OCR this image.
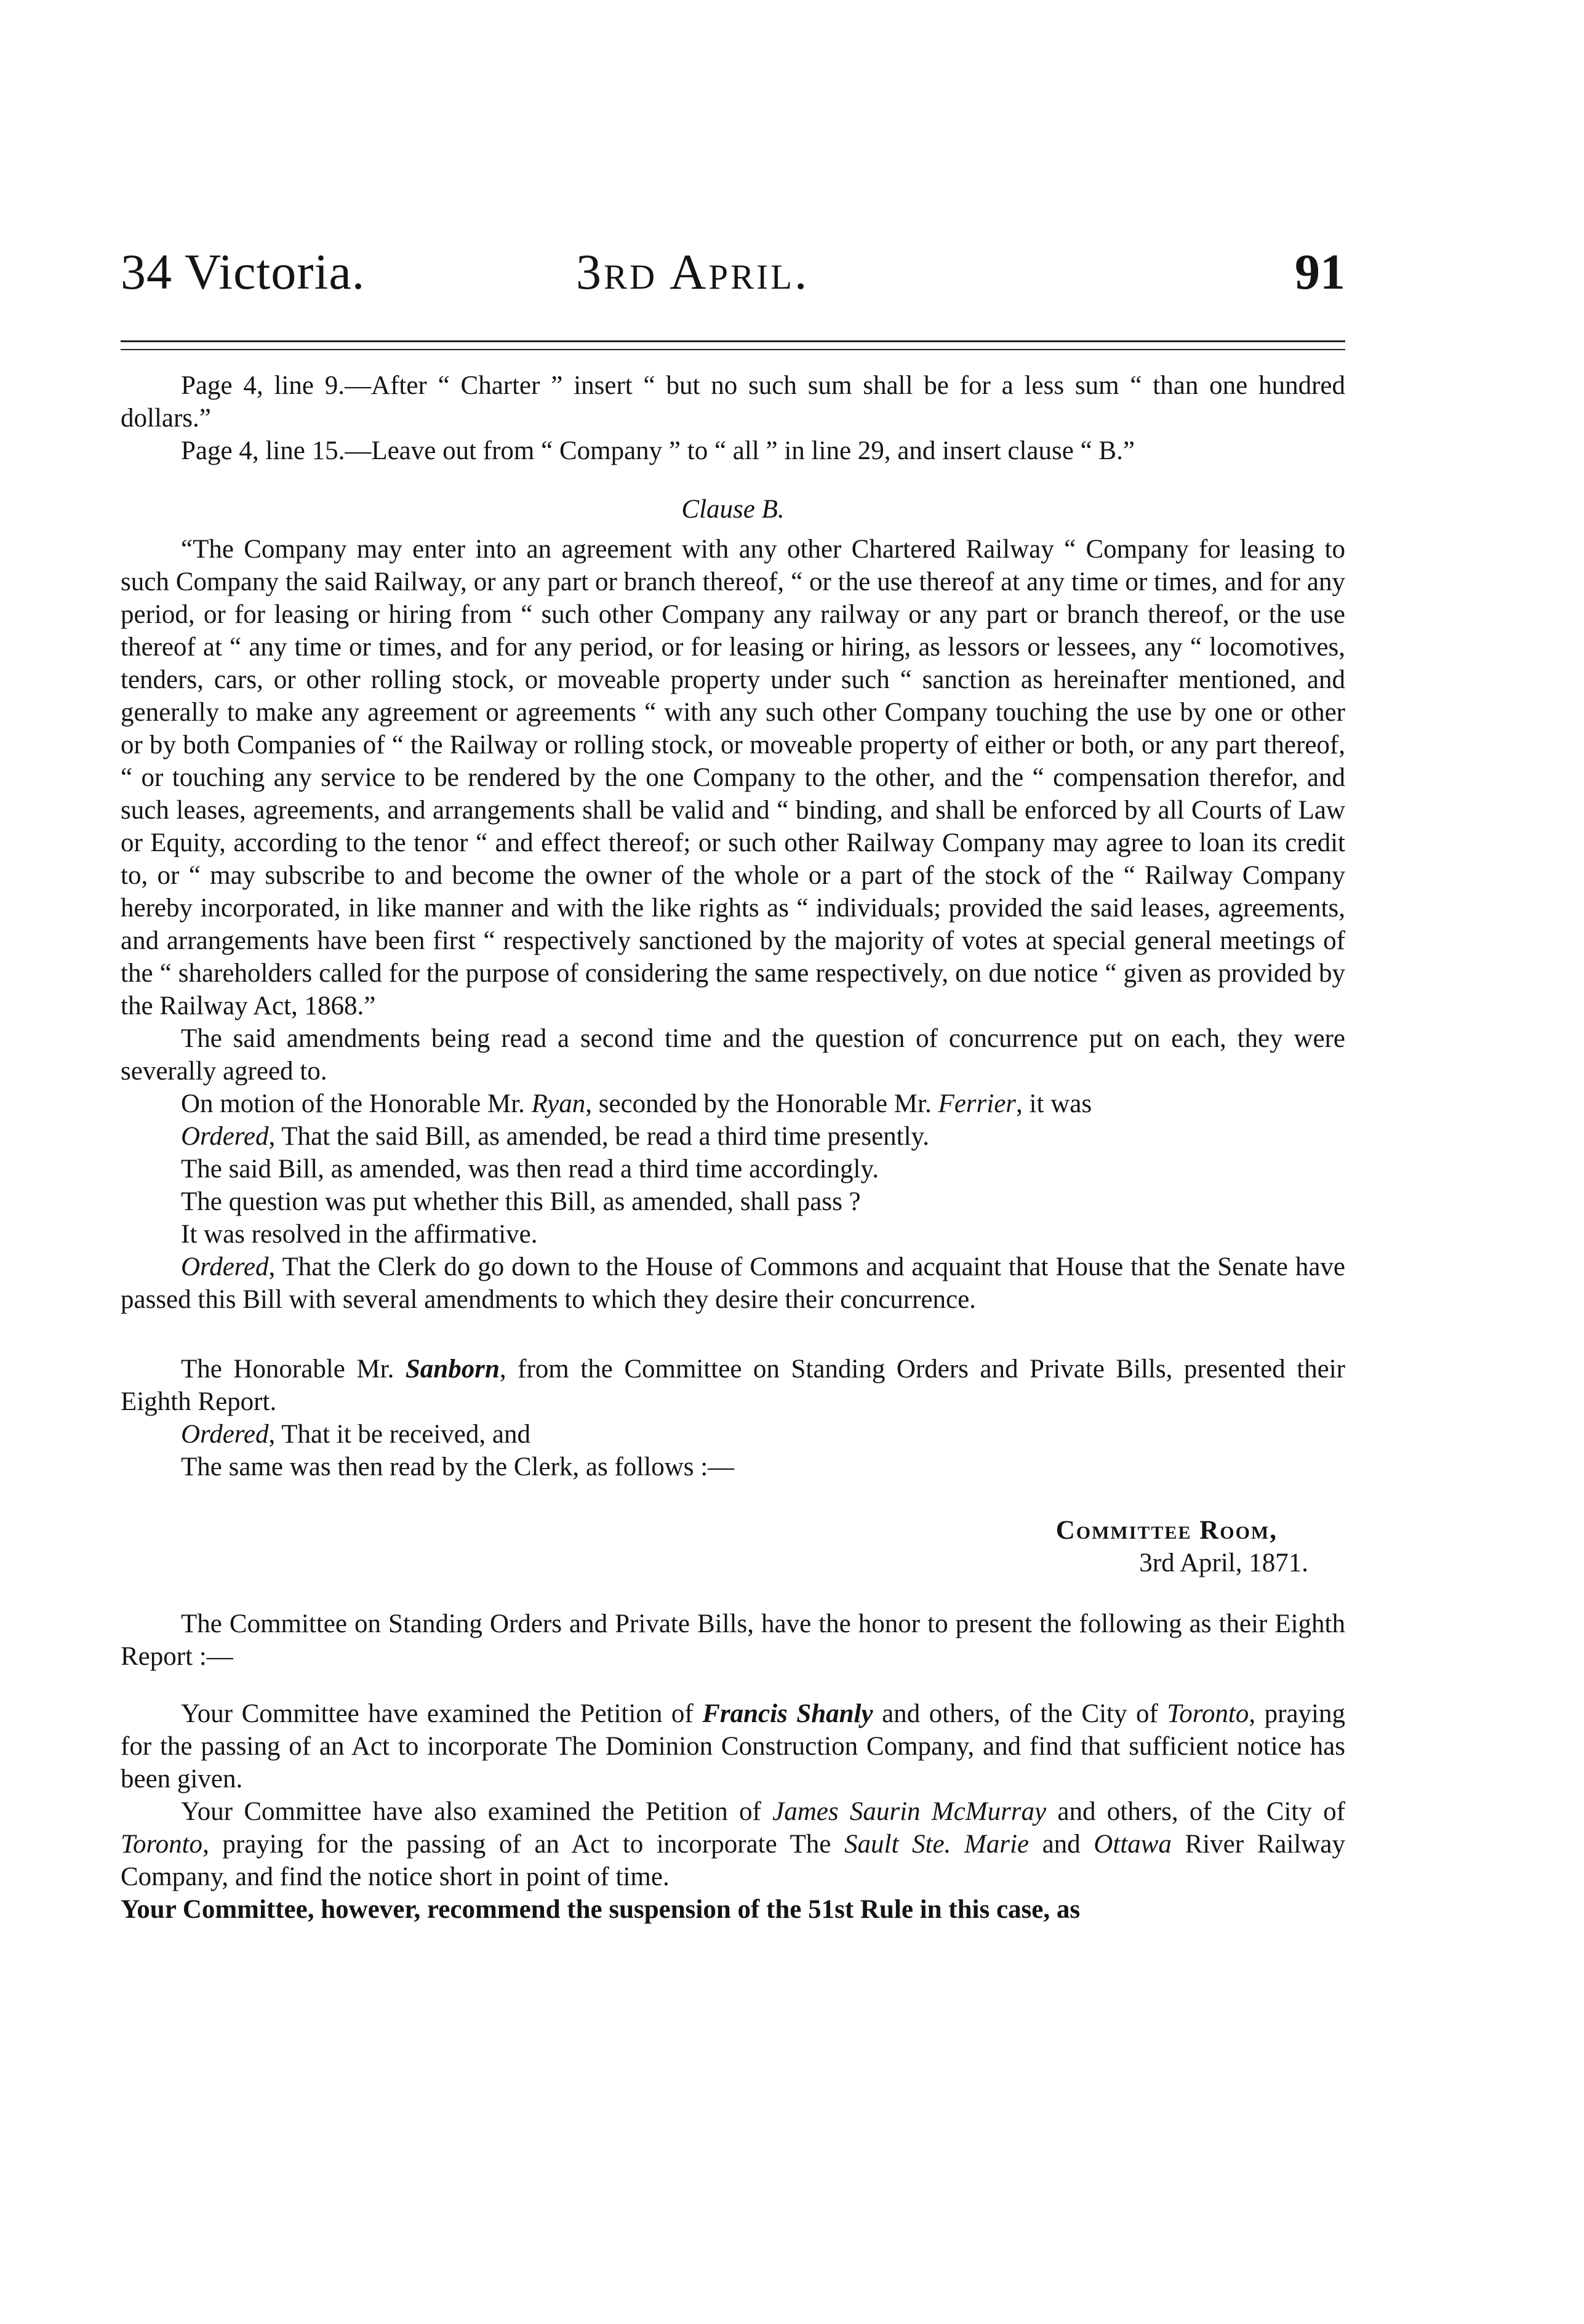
34 Victoria.	3rd April.	91

Page 4, line 9.—After “ Charter ” insert “ but no such sum shall be for a less sum “ than one hundred dollars.”

Page 4, line 15.—Leave out from “ Company ” to “ all ” in line 29, and insert clause “ B.”

Clause B.

“The Company may enter into an agreement with any other Chartered Railway “ Company for leasing to such Company the said Railway, or any part or branch thereof, “ or the use thereof at any time or times, and for any period, or for leasing or hiring from “ such other Company any railway or any part or branch thereof, or the use thereof at “ any time or times, and for any period, or for leasing or hiring, as lessors or lessees, any “ locomotives, tenders, cars, or other rolling stock, or moveable property under such “ sanction as hereinafter mentioned, and generally to make any agreement or agreements “ with any such other Company touching the use by one or other or by both Companies of “ the Railway or rolling stock, or moveable property of either or both, or any part thereof, “ or touching any service to be rendered by the one Company to the other, and the “ compensation therefor, and such leases, agreements, and arrangements shall be valid and “ binding, and shall be enforced by all Courts of Law or Equity, according to the tenor “ and effect thereof; or such other Railway Company may agree to loan its credit to, or “ may subscribe to and become the owner of the whole or a part of the stock of the “ Railway Company hereby incorporated, in like manner and with the like rights as “ individuals; provided the said leases, agreements, and arrangements have been first “ respectively sanctioned by the majority of votes at special general meetings of the “ shareholders called for the purpose of considering the same respectively, on due notice “ given as provided by the Railway Act, 1868.”

The said amendments being read a second time and the question of concurrence put on each, they were severally agreed to.

On motion of the Honorable Mr. Ryan, seconded by the Honorable Mr. Ferrier, it was

Ordered, That the said Bill, as amended, be read a third time presently.

The said Bill, as amended, was then read a third time accordingly.

The question was put whether this Bill, as amended, shall pass ?

It was resolved in the affirmative.

Ordered, That the Clerk do go down to the House of Commons and acquaint that House that the Senate have passed this Bill with several amendments to which they desire their concurrence.

The Honorable Mr. Sanborn, from the Committee on Standing Orders and Private Bills, presented their Eighth Report.

Ordered, That it be received, and

The same was then read by the Clerk, as follows :—

Committee Room,

3rd April, 1871.

The Committee on Standing Orders and Private Bills, have the honor to present the following as their Eighth Report :—

Your Committee have examined the Petition of Francis Shanly and others, of the City of Toronto, praying for the passing of an Act to incorporate The Dominion Construction Company, and find that sufficient notice has been given.

Your Committee have also examined the Petition of James Saurin McMurray and others, of the City of Toronto, praying for the passing of an Act to incorporate The Sault Ste. Marie and Ottawa River Railway Company, and find the notice short in point of time.

Your Committee, however, recommend the suspension of the 51st Rule in this case, as
